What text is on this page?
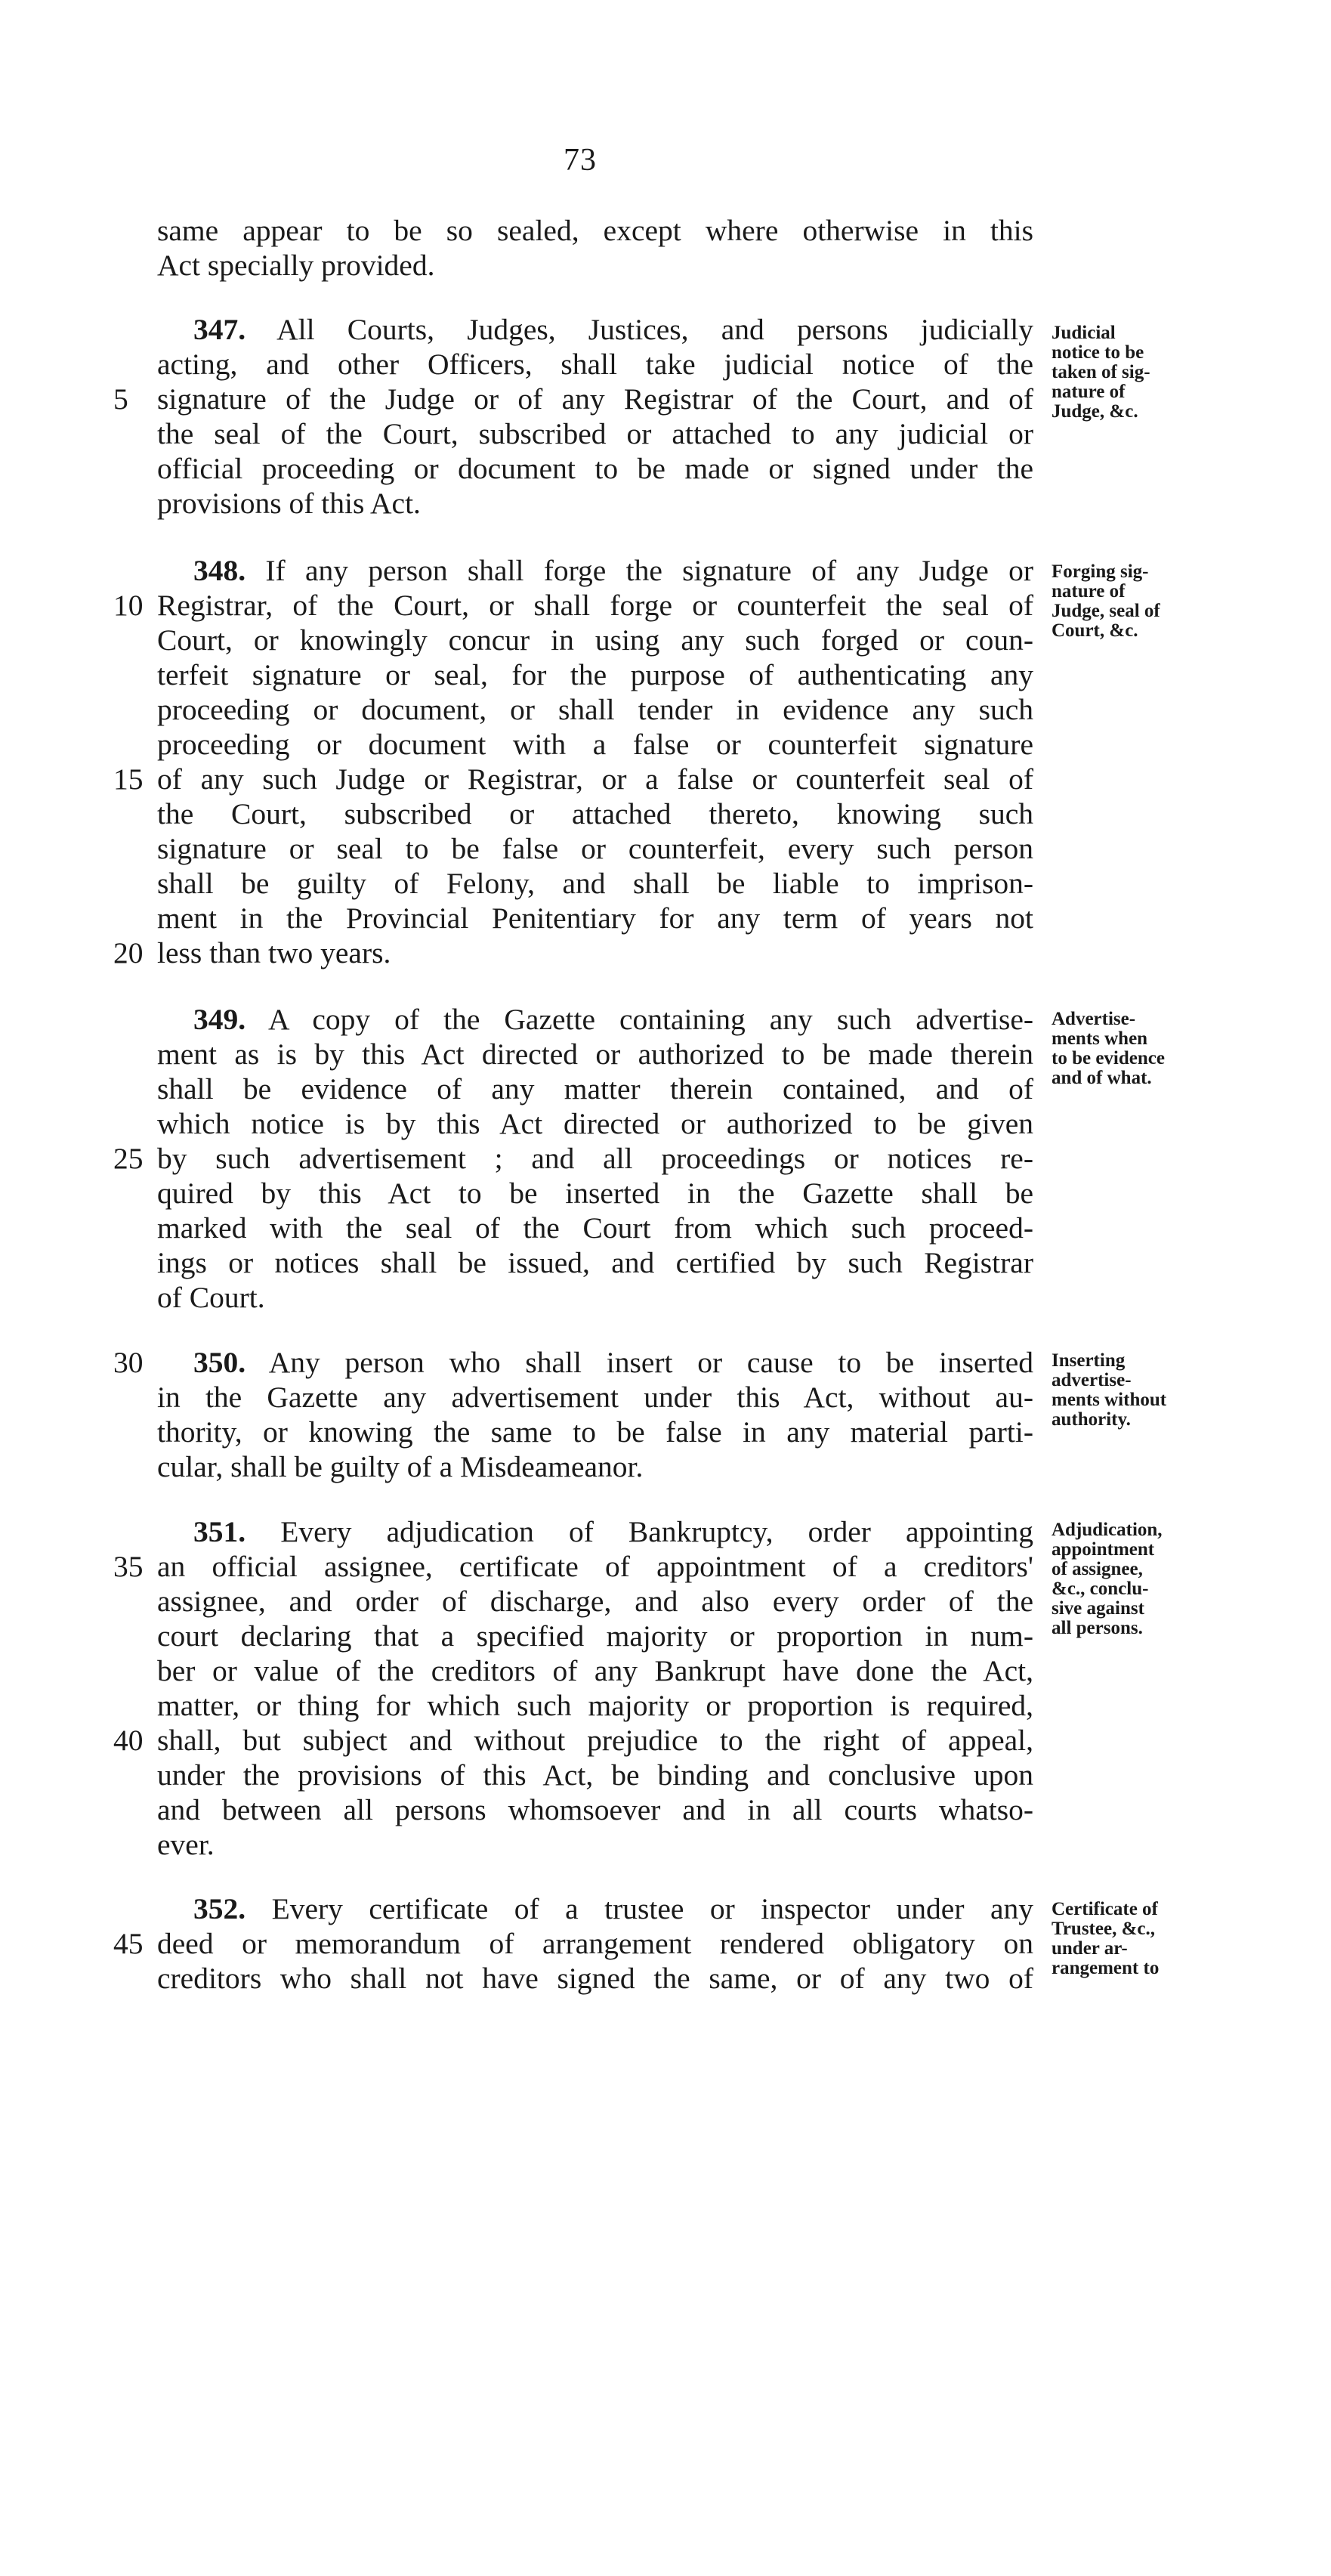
73
same appear to be so sealed, except where otherwise in this
Act specially provided.
347. All Courts, Judges, Justices, and persons judicially
acting, and other Officers, shall take judicial notice of the
signature of the Judge or of any Registrar of the Court, and of
the seal of the Court, subscribed or attached to any judicial or
official proceeding or document to be made or signed under the
provisions of this Act.
348. If any person shall forge the signature of any Judge or
Registrar, of the Court, or shall forge or counterfeit the seal of
Court, or knowingly concur in using any such forged or coun-
terfeit signature or seal, for the purpose of authenticating any
proceeding or document, or shall tender in evidence any such
proceeding or document with a false or counterfeit signature
of any such Judge or Registrar, or a false or counterfeit seal of
the Court, subscribed or attached thereto, knowing such
signature or seal to be false or counterfeit, every such person
shall be guilty of Felony, and shall be liable to imprison-
ment in the Provincial Penitentiary for any term of years not
less than two years.
349. A copy of the Gazette containing any such advertise-
ment as is by this Act directed or authorized to be made therein
shall be evidence of any matter therein contained, and of
which notice is by this Act directed or authorized to be given
by such advertisement ; and all proceedings or notices re-
quired by this Act to be inserted in the Gazette shall be
marked with the seal of the Court from which such proceed-
ings or notices shall be issued, and certified by such Registrar
of Court.
350. Any person who shall insert or cause to be inserted
in the Gazette any advertisement under this Act, without au-
thority, or knowing the same to be false in any material parti-
cular, shall be guilty of a Misdeameanor.
351. Every adjudication of Bankruptcy, order appointing
an official assignee, certificate of appointment of a creditors'
assignee, and order of discharge, and also every order of the
court declaring that a specified majority or proportion in num-
ber or value of the creditors of any Bankrupt have done the Act,
matter, or thing for which such majority or proportion is required,
shall, but subject and without prejudice to the right of appeal,
under the provisions of this Act, be binding and conclusive upon
and between all persons whomsoever and in all courts whatso-
ever.
352. Every certificate of a trustee or inspector under any
deed or memorandum of arrangement rendered obligatory on
creditors who shall not have signed the same, or of any two of
5
10
15
20
25
30
35
40
45
Judicial
notice to be
taken of sig-
nature of
Judge, &c.
Forging sig-
nature of
Judge, seal of
Court, &c.
Advertise-
ments when
to be evidence
and of what.
Inserting
advertise-
ments without
authority.
Adjudication,
appointment
of assignee,
&c., conclu-
sive against
all persons.
Certificate of
Trustee, &c.,
under ar-
rangement to
